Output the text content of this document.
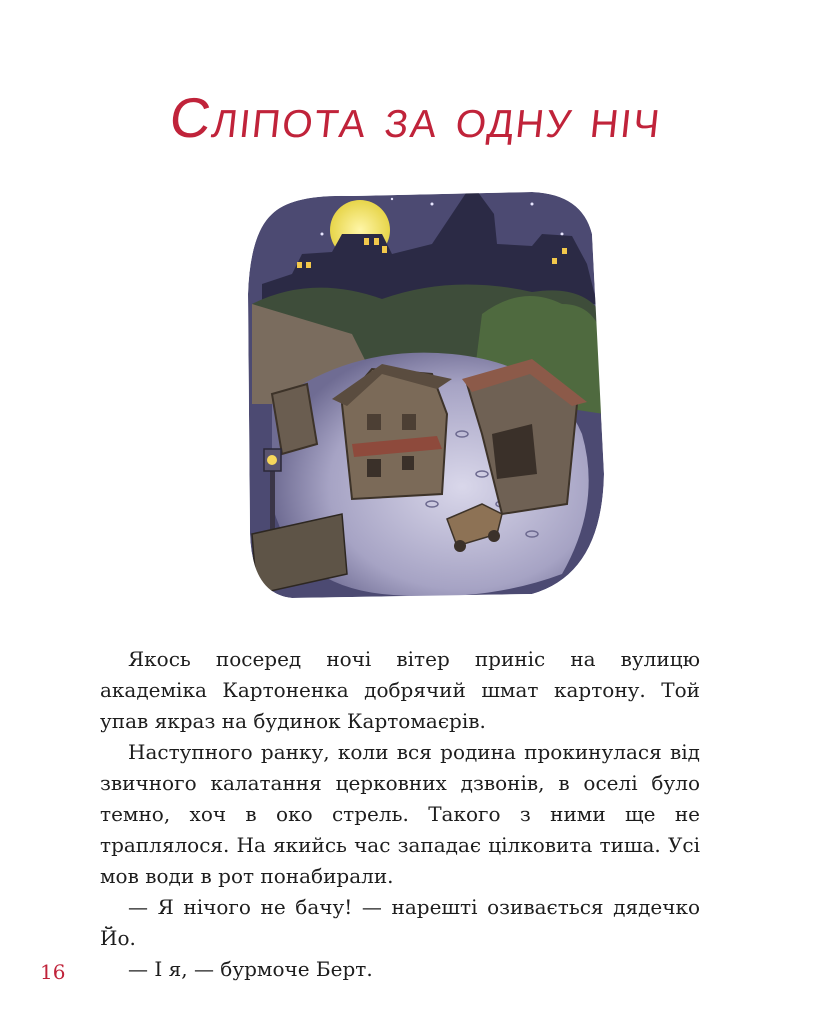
Сліпота за одну ніч

Якось посеред ночі вітер приніс на вулицю академіка Картоненка добрячий шмат картону. Той упав якраз на будинок Картомаєрів.

Наступного ранку, коли вся родина прокинулася від звичного калатання церковних дзвонів, в оселі було темно, хоч в око стрель. Такого з ними ще не траплялося. На якийсь час западає цілковита тиша. Усі мов води в рот понабирали.

— Я нічого не бачу! — нарешті озивається дядечко Йо.

— І я, — бурмоче Берт.

16
